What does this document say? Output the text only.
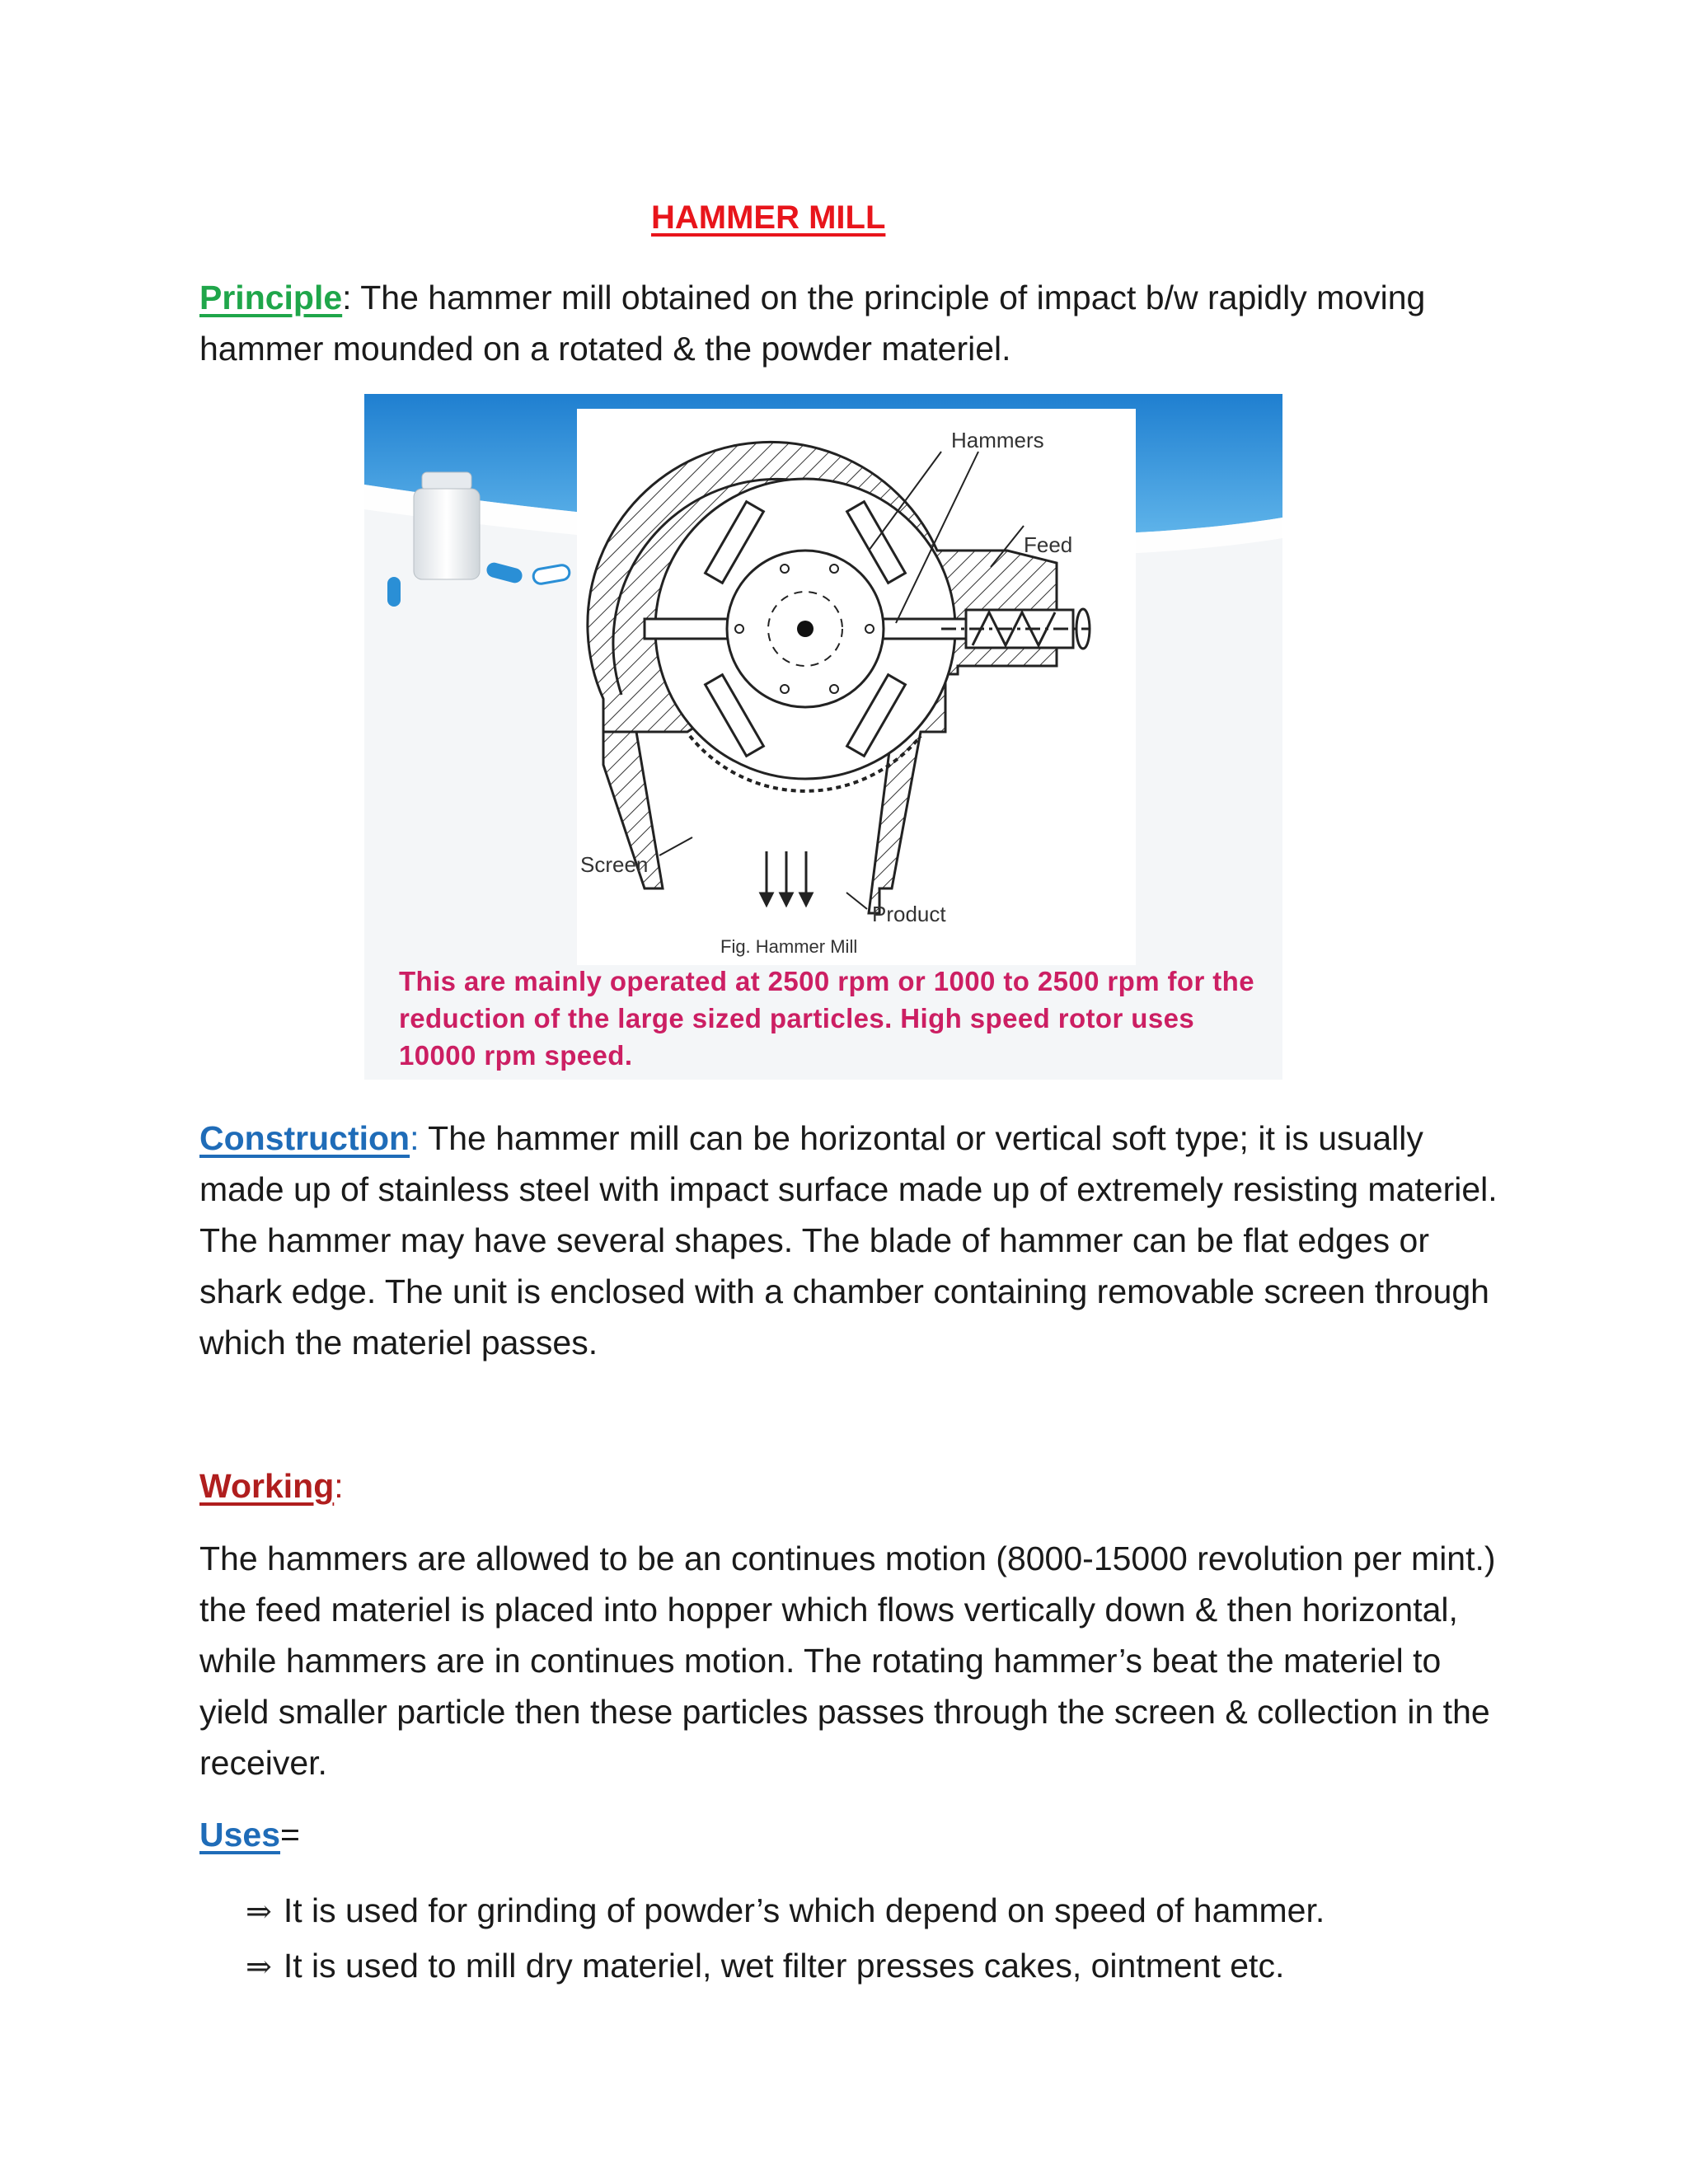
HAMMER MILL
Principle: The hammer mill obtained on the principle of impact b/w rapidly moving hammer mounded on a rotated & the powder materiel.
Hammers
Feed
Screen
Product
Fig. Hammer Mill
This are mainly operated at 2500 rpm or 1000 to 2500 rpm for the reduction of the large sized particles. High speed rotor uses 10000 rpm speed.
Construction: The hammer mill can be horizontal or vertical soft type; it is usually made up of stainless steel with impact surface made up of extremely resisting materiel. The hammer may have several shapes. The blade of hammer can be flat edges or shark edge. The unit is enclosed with a chamber containing removable screen through which the materiel passes.
Working:
The hammers are allowed to be an continues motion (8000-15000 revolution per mint.) the feed materiel is placed into hopper which flows vertically down & then horizontal, while hammers are in continues motion. The rotating hammer’s beat the materiel to yield smaller particle then these particles passes through the screen & collection in the receiver.
Uses=
⇒ It is used for grinding of powder’s which depend on speed of hammer.
⇒ It is used to mill dry materiel, wet filter presses cakes, ointment etc.
